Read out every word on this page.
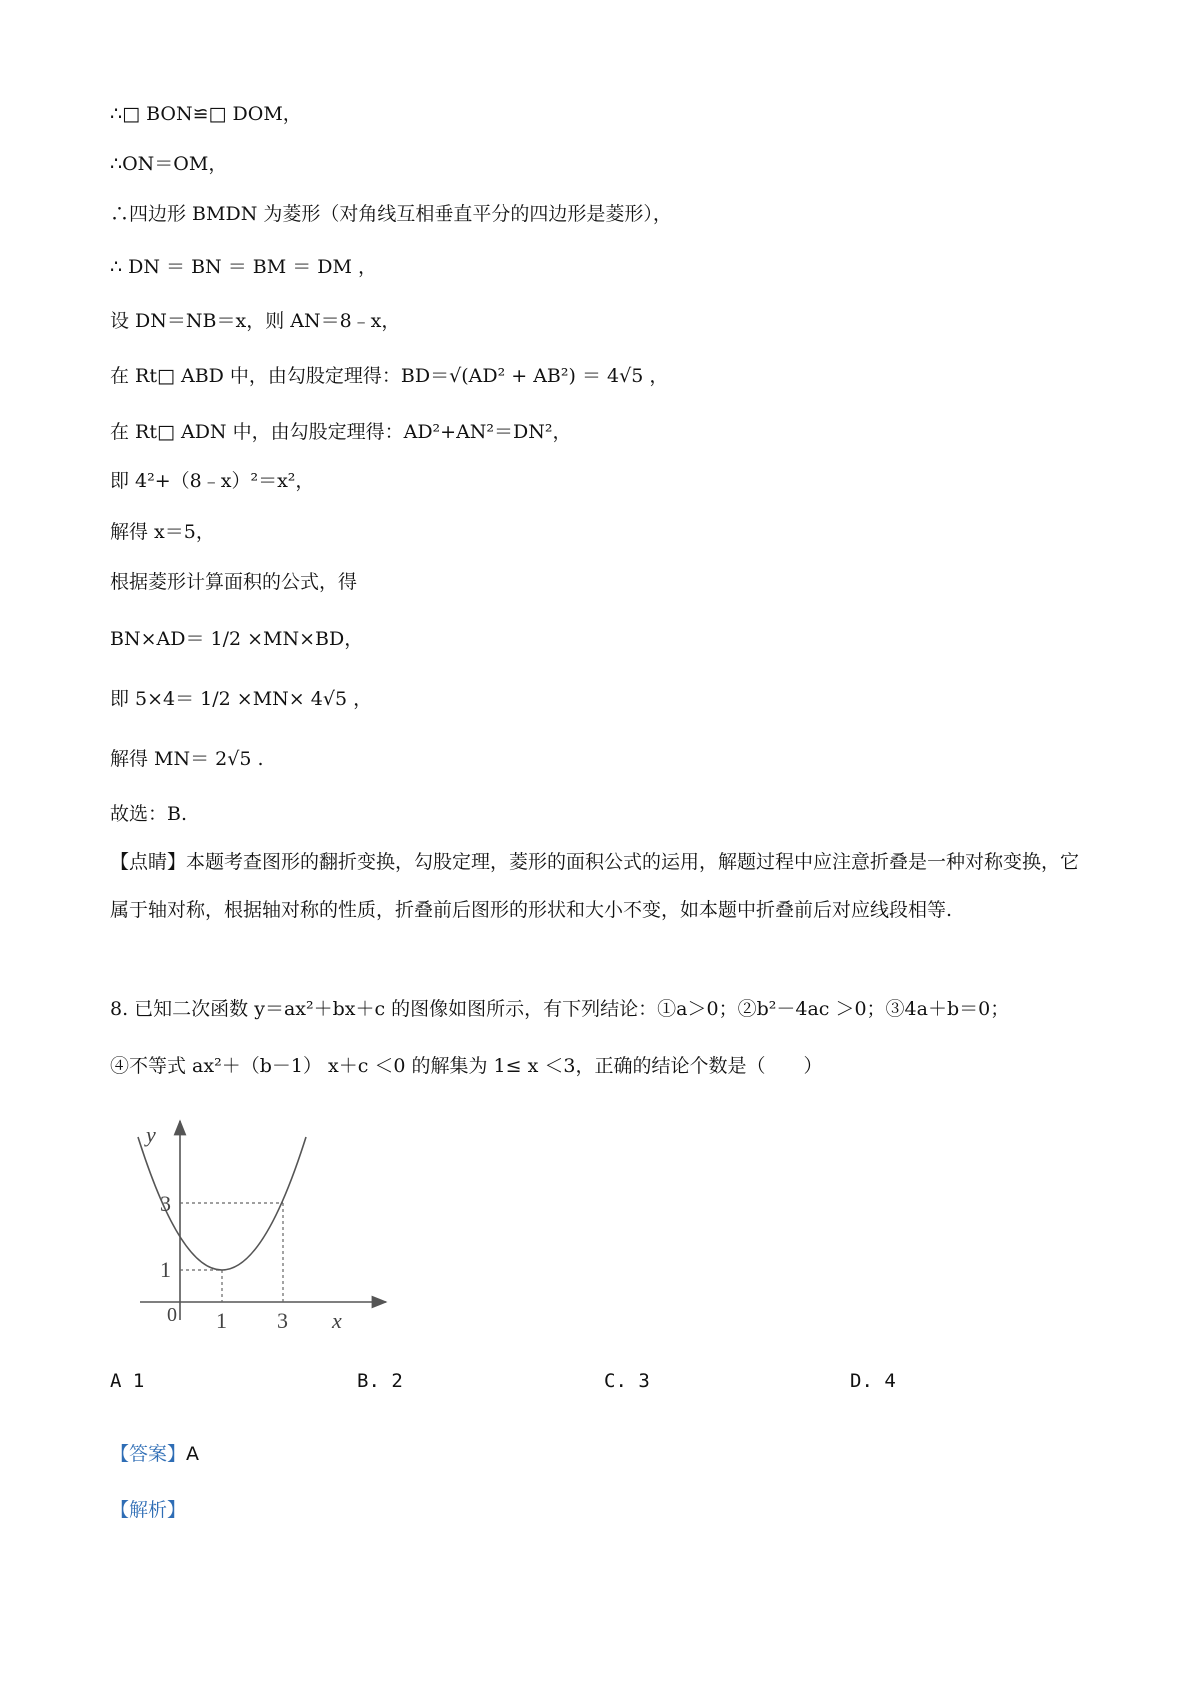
∴□ BON≌□ DOM，
∴ON＝OM，
∴四边形 BMDN 为菱形（对角线互相垂直平分的四边形是菱形），
∴ DN ＝ BN ＝ BM ＝ DM ，
设 DN＝NB＝x，则 AN＝8﹣x，
在 Rt□ ABD 中，由勾股定理得：BD＝√(AD² + AB²) ＝ 4√5 ，
在 Rt□ ADN 中，由勾股定理得：AD²+AN²＝DN²，
即 4²+（8﹣x）²＝x²，
解得 x＝5，
根据菱形计算面积的公式，得
BN×AD＝ 1/2 ×MN×BD，
即 5×4＝ 1/2 ×MN× 4√5 ，
解得 MN＝ 2√5 .
故选：B.
【点睛】本题考查图形的翻折变换，勾股定理，菱形的面积公式的运用，解题过程中应注意折叠是一种对称变换，它属于轴对称，根据轴对称的性质，折叠前后图形的形状和大小不变，如本题中折叠前后对应线段相等.
8. 已知二次函数 y＝ax²＋bx＋c 的图像如图所示，有下列结论：①a＞0；②b²－4ac ＞0；③4a＋b＝0；
④不等式 ax²＋（b－1） x＋c ＜0 的解集为 1≤ x ＜3，正确的结论个数是（　　）
y
x
0 1 3
1
3
A 1	B. 2	C. 3	D. 4
【答案】A
【解析】
